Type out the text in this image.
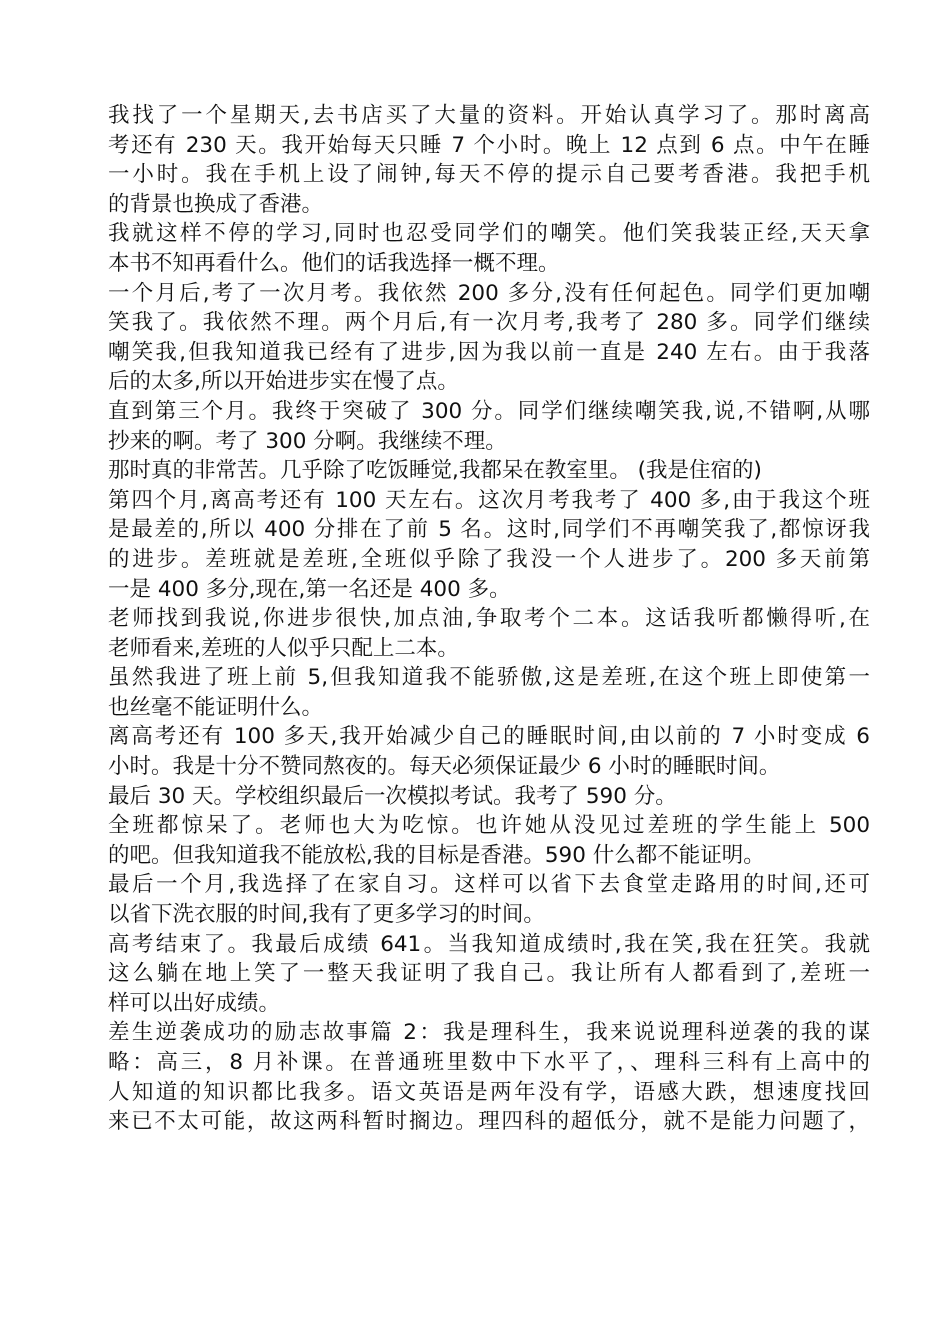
我找了一个星期天,去书店买了大量的资料。开始认真学习了。那时离高
考还有 230 天。我开始每天只睡 7 个小时。晚上 12 点到 6 点。中午在睡
一小时。我在手机上设了闹钟,每天不停的提示自己要考香港。我把手机
的背景也换成了香港。
我就这样不停的学习,同时也忍受同学们的嘲笑。他们笑我装正经,天天拿
本书不知再看什么。他们的话我选择一概不理。
一个月后,考了一次月考。我依然 200 多分,没有任何起色。同学们更加嘲
笑我了。我依然不理。两个月后,有一次月考,我考了 280 多。同学们继续
嘲笑我,但我知道我已经有了进步,因为我以前一直是 240 左右。由于我落
后的太多,所以开始进步实在慢了点。
直到第三个月。我终于突破了 300 分。同学们继续嘲笑我,说,不错啊,从哪
抄来的啊。考了 300 分啊。我继续不理。
那时真的非常苦。几乎除了吃饭睡觉,我都呆在教室里。 (我是住宿的)
第四个月,离高考还有 100 天左右。这次月考我考了 400 多,由于我这个班
是最差的,所以 400 分排在了前 5 名。这时,同学们不再嘲笑我了,都惊讶我
的进步。差班就是差班,全班似乎除了我没一个人进步了。200 多天前第
一是 400 多分,现在,第一名还是 400 多。
老师找到我说,你进步很快,加点油,争取考个二本。这话我听都懒得听,在
老师看来,差班的人似乎只配上二本。
虽然我进了班上前 5,但我知道我不能骄傲,这是差班,在这个班上即使第一
也丝毫不能证明什么。
离高考还有 100 多天,我开始减少自己的睡眠时间,由以前的 7 小时变成 6
小时。我是十分不赞同熬夜的。每天必须保证最少 6 小时的睡眠时间。
最后 30 天。学校组织最后一次模拟考试。我考了 590 分。
全班都惊呆了。老师也大为吃惊。也许她从没见过差班的学生能上 500
的吧。但我知道我不能放松,我的目标是香港。590 什么都不能证明。
最后一个月,我选择了在家自习。这样可以省下去食堂走路用的时间,还可
以省下洗衣服的时间,我有了更多学习的时间。
高考结束了。我最后成绩 641。当我知道成绩时,我在笑,我在狂笑。我就
这么躺在地上笑了一整天我证明了我自己。我让所有人都看到了,差班一
样可以出好成绩。
差生逆袭成功的励志故事篇 2：我是理科生，我来说说理科逆袭的我的谋
略：高三，8 月补课。在普通班里数中下水平了，、理科三科有上高中的
人知道的知识都比我多。语文英语是两年没有学，语感大跌，想速度找回
来已不太可能，故这两科暂时搁边。理四科的超低分，就不是能力问题了，
